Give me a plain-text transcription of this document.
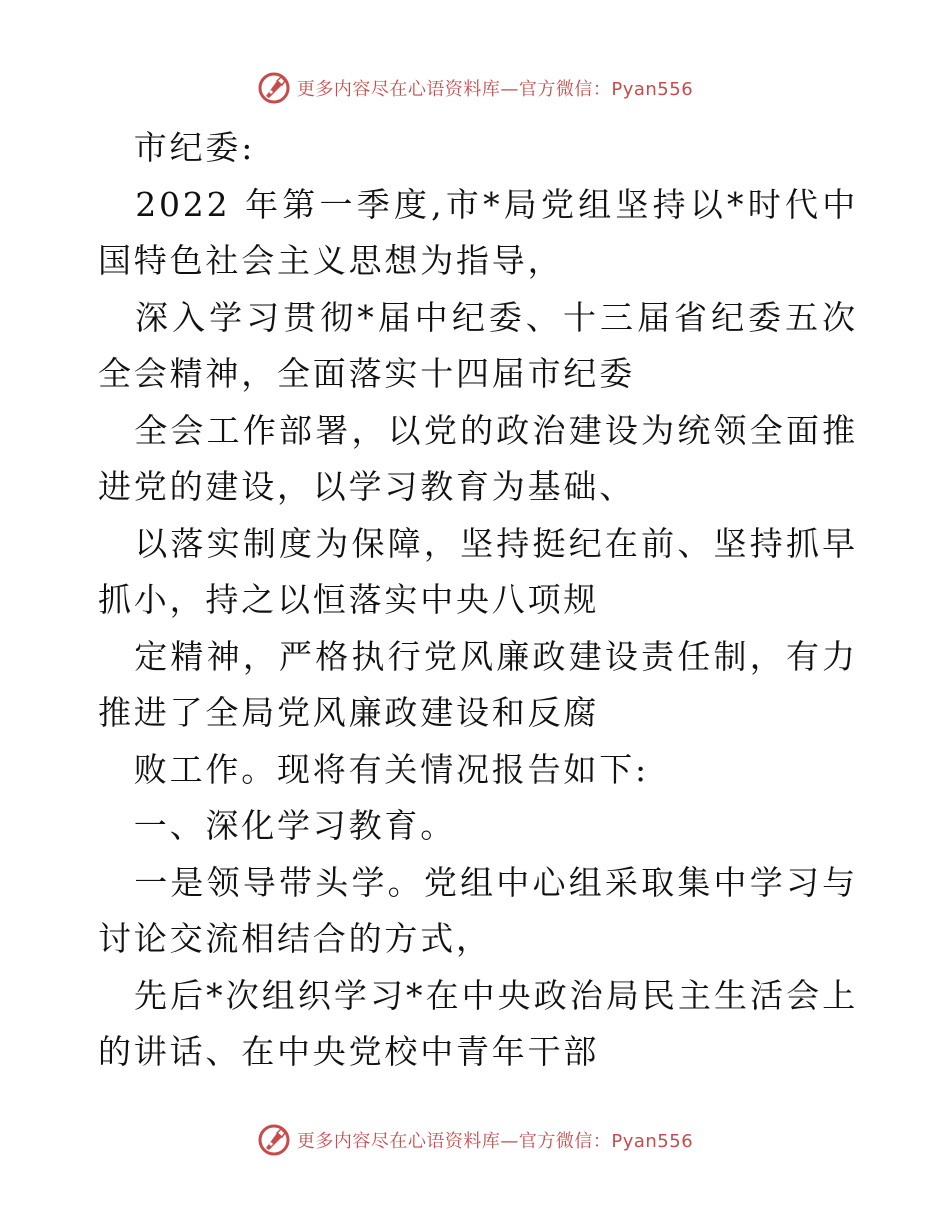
更多内容尽在心语资料库—官方微信：Pyan556

　市纪委:

　2022 年第一季度,市*局党组坚持以*时代中国特色社会主义思想为指导，

　深入学习贯彻*届中纪委、十三届省纪委五次全会精神，全面落实十四届市纪委

　全会工作部署，以党的政治建设为统领全面推进党的建设，以学习教育为基础、

　以落实制度为保障，坚持挺纪在前、坚持抓早抓小，持之以恒落实中央八项规

　定精神，严格执行党风廉政建设责任制，有力推进了全局党风廉政建设和反腐

　败工作。现将有关情况报告如下:

　一、深化学习教育。

　一是领导带头学。党组中心组采取集中学习与讨论交流相结合的方式，

　先后*次组织学习*在中央政治局民主生活会上的讲话、在中央党校中青年干部

更多内容尽在心语资料库—官方微信：Pyan556
